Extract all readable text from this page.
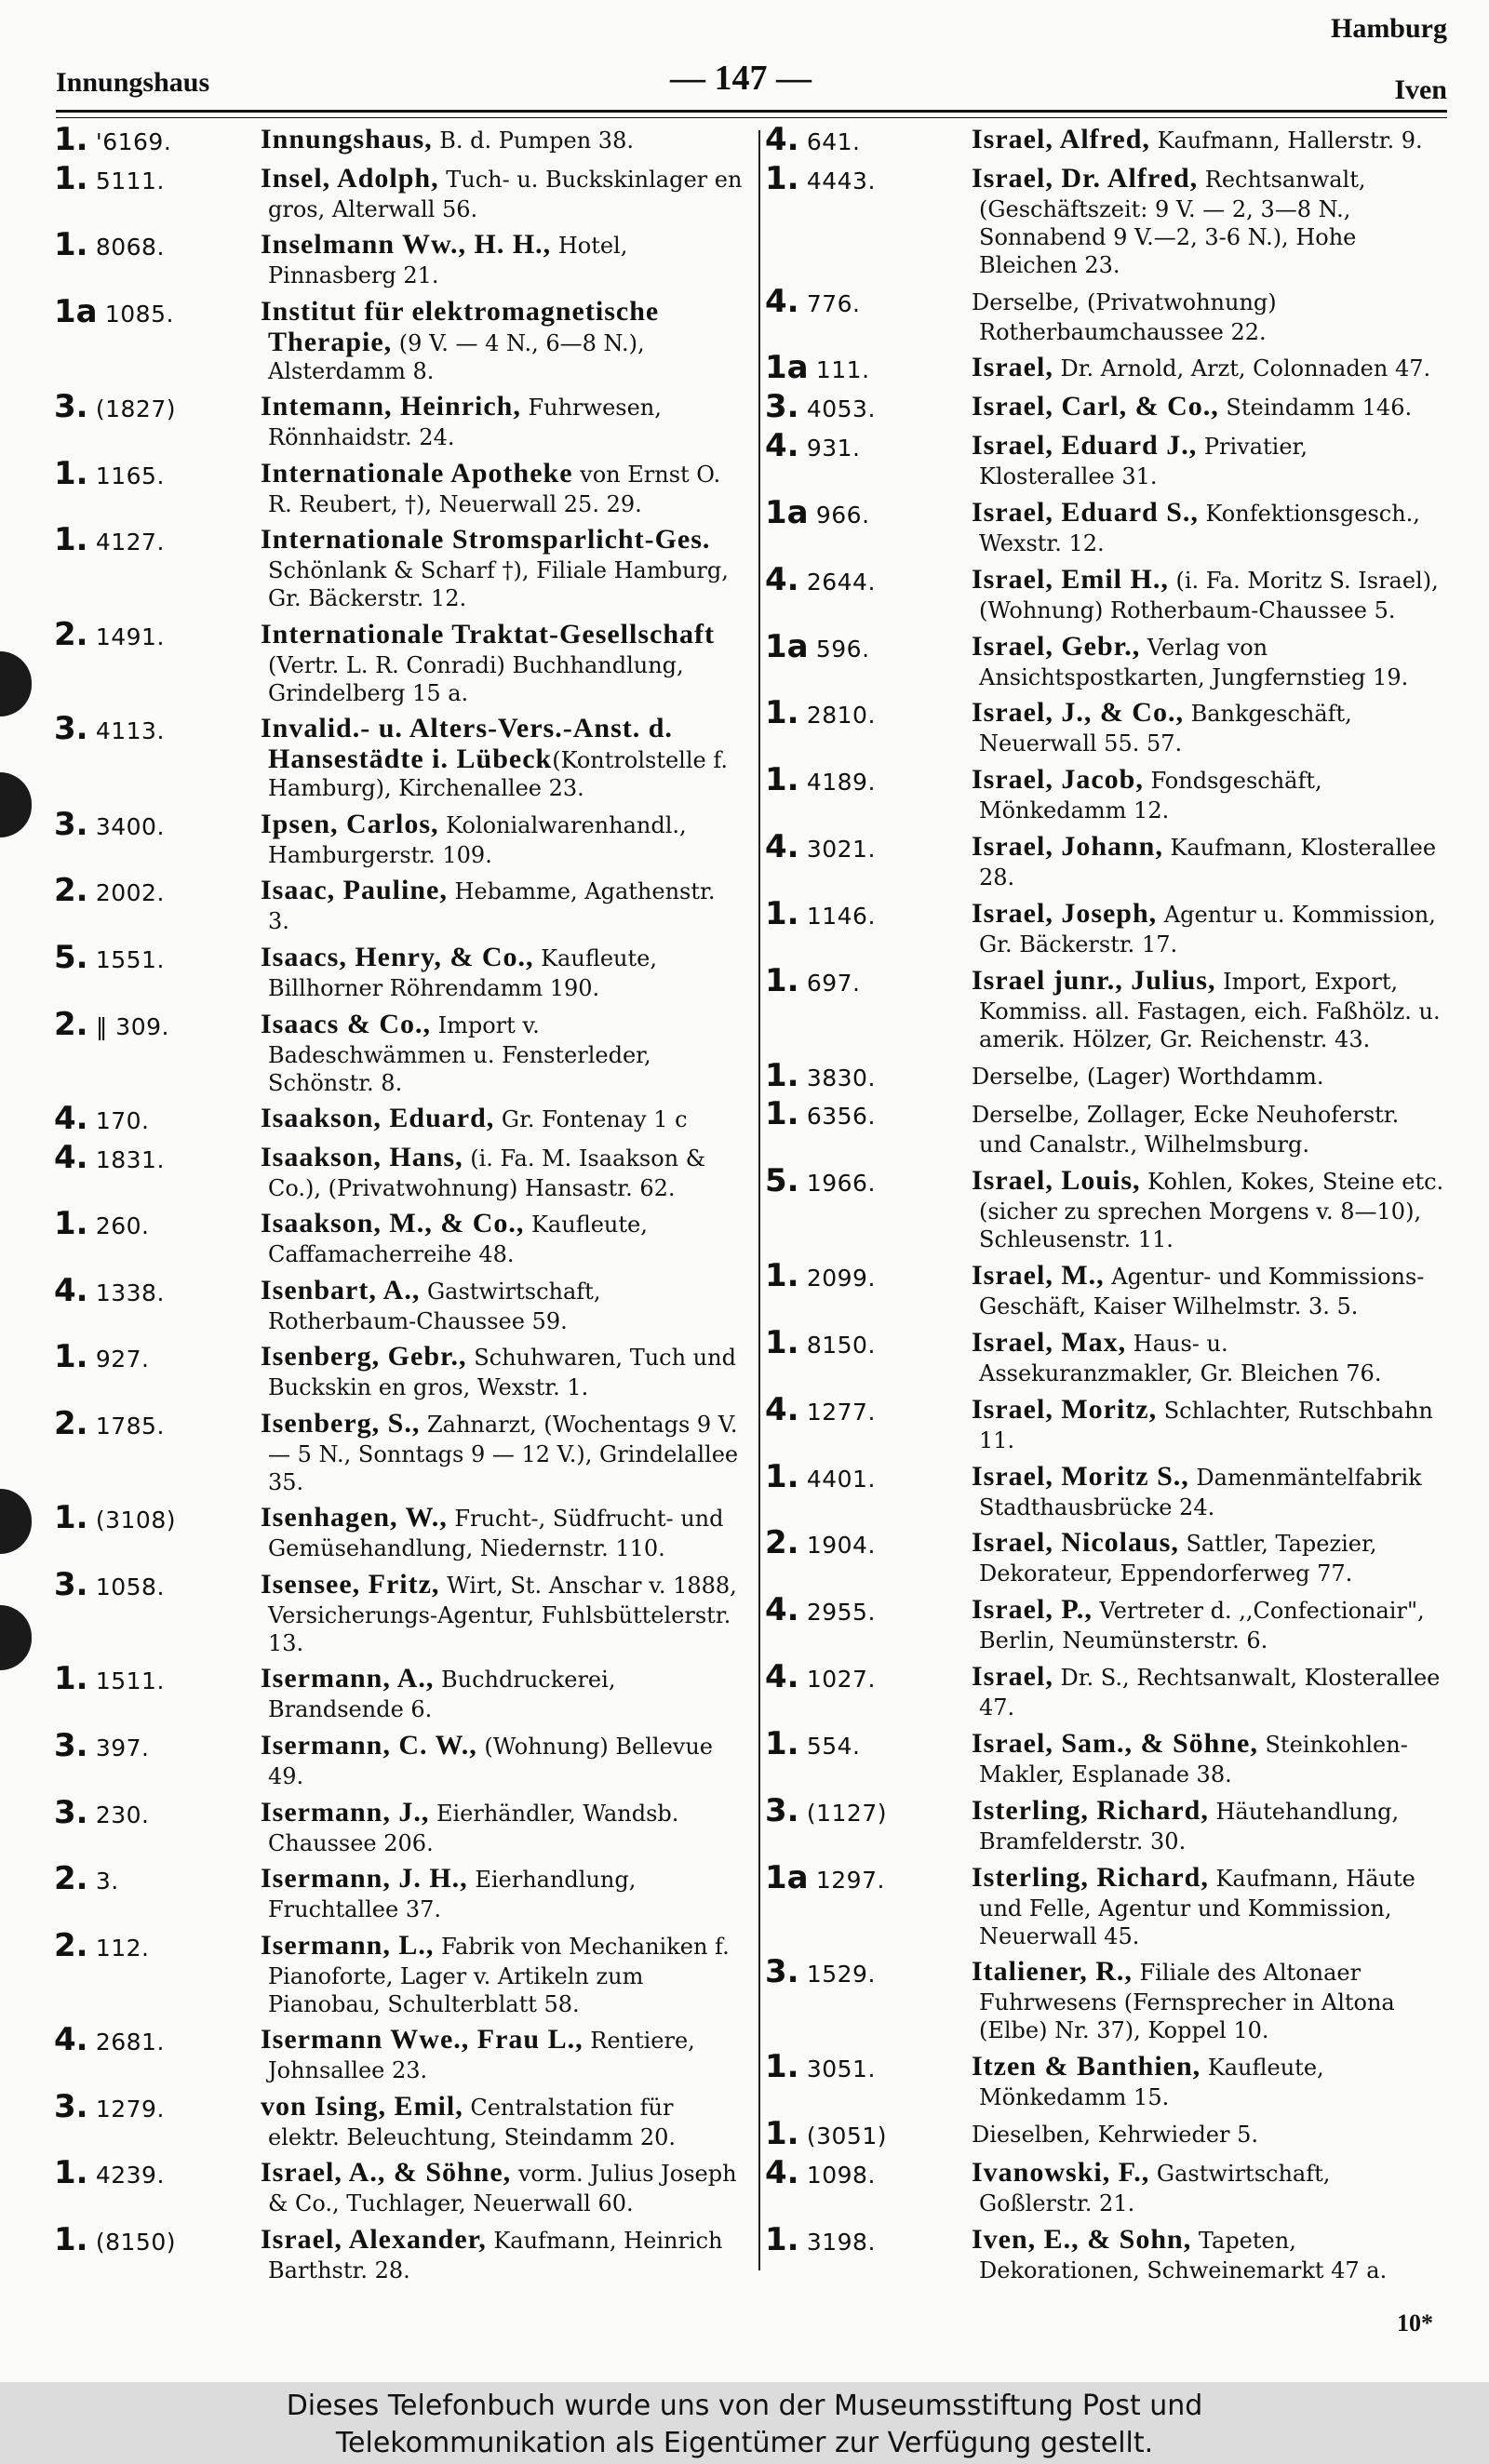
Hamburg
Innungshaus	— 147 —	Iven
1. '6169.	Innungshaus, B. d. Pumpen 38.
1. 5111.	Insel, Adolph, Tuch- u. Buckskinlager en gros, Alterwall 56.
1. 8068.	Inselmann Ww., H. H., Hotel, Pinnasberg 21.
1a 1085.	Institut für elektromagnetische Therapie, (9 V. — 4 N., 6—8 N.), Alsterdamm 8.
3. (1827)	Intemann, Heinrich, Fuhrwesen, Rönnhaidstr. 24.
1. 1165.	Internationale Apotheke von Ernst O. R. Reubert, †), Neuerwall 25. 29.
1. 4127.	Internationale Stromsparlicht-Ges. Schönlank & Scharf †), Filiale Hamburg, Gr. Bäckerstr. 12.
2. 1491.	Internationale Traktat-Gesellschaft (Vertr. L. R. Conradi) Buchhandlung, Grindelberg 15 a.
3. 4113.	Invalid.- u. Alters-Vers.-Anst. d. Hansestädte i. Lübeck(Kontrolstelle f. Hamburg), Kirchenallee 23.
3. 3400.	Ipsen, Carlos, Kolonialwarenhandl., Hamburgerstr. 109.
2. 2002.	Isaac, Pauline, Hebamme, Agathenstr. 3.
5. 1551.	Isaacs, Henry, & Co., Kaufleute, Billhorner Röhrendamm 190.
2. ‖ 309.	Isaacs & Co., Import v. Badeschwämmen u. Fensterleder, Schönstr. 8.
4. 170.	Isaakson, Eduard, Gr. Fontenay 1 c
4. 1831.	Isaakson, Hans, (i. Fa. M. Isaakson & Co.), (Privatwohnung) Hansastr. 62.
1. 260.	Isaakson, M., & Co., Kaufleute, Caffamacherreihe 48.
4. 1338.	Isenbart, A., Gastwirtschaft, Rotherbaum-Chaussee 59.
1. 927.	Isenberg, Gebr., Schuhwaren, Tuch und Buckskin en gros, Wexstr. 1.
2. 1785.	Isenberg, S., Zahnarzt, (Wochentags 9 V. — 5 N., Sonntags 9 — 12 V.), Grindelallee 35.
1. (3108)	Isenhagen, W., Frucht-, Südfrucht- und Gemüsehandlung, Niedernstr. 110.
3. 1058.	Isensee, Fritz, Wirt, St. Anschar v. 1888, Versicherungs-Agentur, Fuhlsbüttelerstr. 13.
1. 1511.	Isermann, A., Buchdruckerei, Brandsende 6.
3. 397.	Isermann, C. W., (Wohnung) Bellevue 49.
3. 230.	Isermann, J., Eierhändler, Wandsb. Chaussee 206.
2. 3.	Isermann, J. H., Eierhandlung, Fruchtallee 37.
2. 112.	Isermann, L., Fabrik von Mechaniken f. Pianoforte, Lager v. Artikeln zum Pianobau, Schulterblatt 58.
4. 2681.	Isermann Wwe., Frau L., Rentiere, Johnsallee 23.
3. 1279.	von Ising, Emil, Centralstation für elektr. Beleuchtung, Steindamm 20.
1. 4239.	Israel, A., & Söhne, vorm. Julius Joseph & Co., Tuchlager, Neuerwall 60.
1. (8150)	Israel, Alexander, Kaufmann, Heinrich Barthstr. 28.
4. 641.	Israel, Alfred, Kaufmann, Hallerstr. 9.
1. 4443.	Israel, Dr. Alfred, Rechtsanwalt, (Geschäftszeit: 9 V. — 2, 3—8 N., Sonnabend 9 V.—2, 3-6 N.), Hohe Bleichen 23.
4. 776.	Derselbe, (Privatwohnung) Rotherbaumchaussee 22.
1a 111.	Israel, Dr. Arnold, Arzt, Colonnaden 47.
3. 4053.	Israel, Carl, & Co., Steindamm 146.
4. 931.	Israel, Eduard J., Privatier, Klosterallee 31.
1a 966.	Israel, Eduard S., Konfektionsgesch., Wexstr. 12.
4. 2644.	Israel, Emil H., (i. Fa. Moritz S. Israel), (Wohnung) Rotherbaum-Chaussee 5.
1a 596.	Israel, Gebr., Verlag von Ansichtspostkarten, Jungfernstieg 19.
1. 2810.	Israel, J., & Co., Bankgeschäft, Neuerwall 55. 57.
1. 4189.	Israel, Jacob, Fondsgeschäft, Mönkedamm 12.
4. 3021.	Israel, Johann, Kaufmann, Klosterallee 28.
1. 1146.	Israel, Joseph, Agentur u. Kommission, Gr. Bäckerstr. 17.
1. 697.	Israel junr., Julius, Import, Export, Kommiss. all. Fastagen, eich. Faßhölz. u. amerik. Hölzer, Gr. Reichenstr. 43.
1. 3830.	Derselbe, (Lager) Worthdamm.
1. 6356.	Derselbe, Zollager, Ecke Neuhoferstr. und Canalstr., Wilhelmsburg.
5. 1966.	Israel, Louis, Kohlen, Kokes, Steine etc. (sicher zu sprechen Morgens v. 8—10), Schleusenstr. 11.
1. 2099.	Israel, M., Agentur- und Kommissions-Geschäft, Kaiser Wilhelmstr. 3. 5.
1. 8150.	Israel, Max, Haus- u. Assekuranzmakler, Gr. Bleichen 76.
4. 1277.	Israel, Moritz, Schlachter, Rutschbahn 11.
1. 4401.	Israel, Moritz S., Damenmäntelfabrik Stadthausbrücke 24.
2. 1904.	Israel, Nicolaus, Sattler, Tapezier, Dekorateur, Eppendorferweg 77.
4. 2955.	Israel, P., Vertreter d. ,,Confectionair", Berlin, Neumünsterstr. 6.
4. 1027.	Israel, Dr. S., Rechtsanwalt, Klosterallee 47.
1. 554.	Israel, Sam., & Söhne, Steinkohlen-Makler, Esplanade 38.
3. (1127)	Isterling, Richard, Häutehandlung, Bramfelderstr. 30.
1a 1297.	Isterling, Richard, Kaufmann, Häute und Felle, Agentur und Kommission, Neuerwall 45.
3. 1529.	Italiener, R., Filiale des Altonaer Fuhrwesens (Fernsprecher in Altona (Elbe) Nr. 37), Koppel 10.
1. 3051.	Itzen & Banthien, Kaufleute, Mönkedamm 15.
1. (3051)	Dieselben, Kehrwieder 5.
4. 1098.	Ivanowski, F., Gastwirtschaft, Goßlerstr. 21.
1. 3198.	Iven, E., & Sohn, Tapeten, Dekorationen, Schweinemarkt 47 a.
10*
Dieses Telefonbuch wurde uns von der Museumsstiftung Post und
Telekommunikation als Eigentümer zur Verfügung gestellt.
